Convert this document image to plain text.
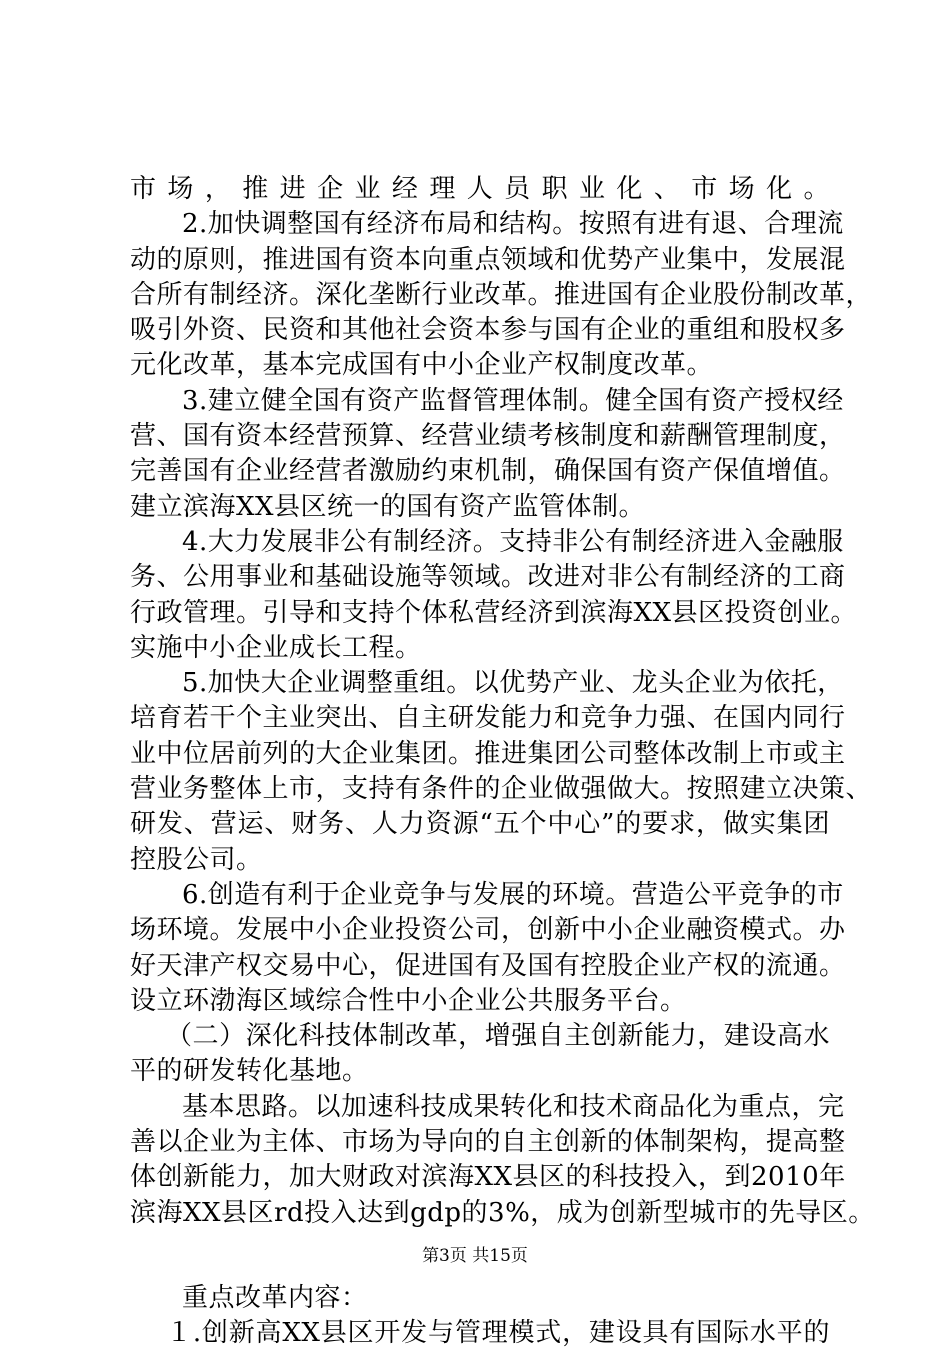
市场，推进企业经理人员职业化、市场化。
2.加快调整国有经济布局和结构。按照有进有退、合理流
动的原则，推进国有资本向重点领域和优势产业集中，发展混
合所有制经济。深化垄断行业改革。推进国有企业股份制改革，
吸引外资、民资和其他社会资本参与国有企业的重组和股权多
元化改革，基本完成国有中小企业产权制度改革。
3.建立健全国有资产监督管理体制。健全国有资产授权经
营、国有资本经营预算、经营业绩考核制度和薪酬管理制度，
完善国有企业经营者激励约束机制，确保国有资产保值增值。
建立滨海XX县区统一的国有资产监管体制。
4.大力发展非公有制经济。支持非公有制经济进入金融服
务、公用事业和基础设施等领域。改进对非公有制经济的工商
行政管理。引导和支持个体私营经济到滨海XX县区投资创业。
实施中小企业成长工程。
5.加快大企业调整重组。以优势产业、龙头企业为依托，
培育若干个主业突出、自主研发能力和竞争力强、在国内同行
业中位居前列的大企业集团。推进集团公司整体改制上市或主
营业务整体上市，支持有条件的企业做强做大。按照建立决策、
研发、营运、财务、人力资源“五个中心”的要求，做实集团
控股公司。
6.创造有利于企业竞争与发展的环境。营造公平竞争的市
场环境。发展中小企业投资公司，创新中小企业融资模式。办
好天津产权交易中心，促进国有及国有控股企业产权的流通。
设立环渤海区域综合性中小企业公共服务平台。
（二）深化科技体制改革，增强自主创新能力，建设高水
平的研发转化基地。
基本思路。以加速科技成果转化和技术商品化为重点，完
善以企业为主体、市场为导向的自主创新的体制架构，提高整
体创新能力，加大财政对滨海XX县区的科技投入，到2010年
滨海XX县区rd投入达到gdp的3%，成为创新型城市的先导区。
重点改革内容：
１.创新高XX县区开发与管理模式，建设具有国际水平的
第3页 共15页
